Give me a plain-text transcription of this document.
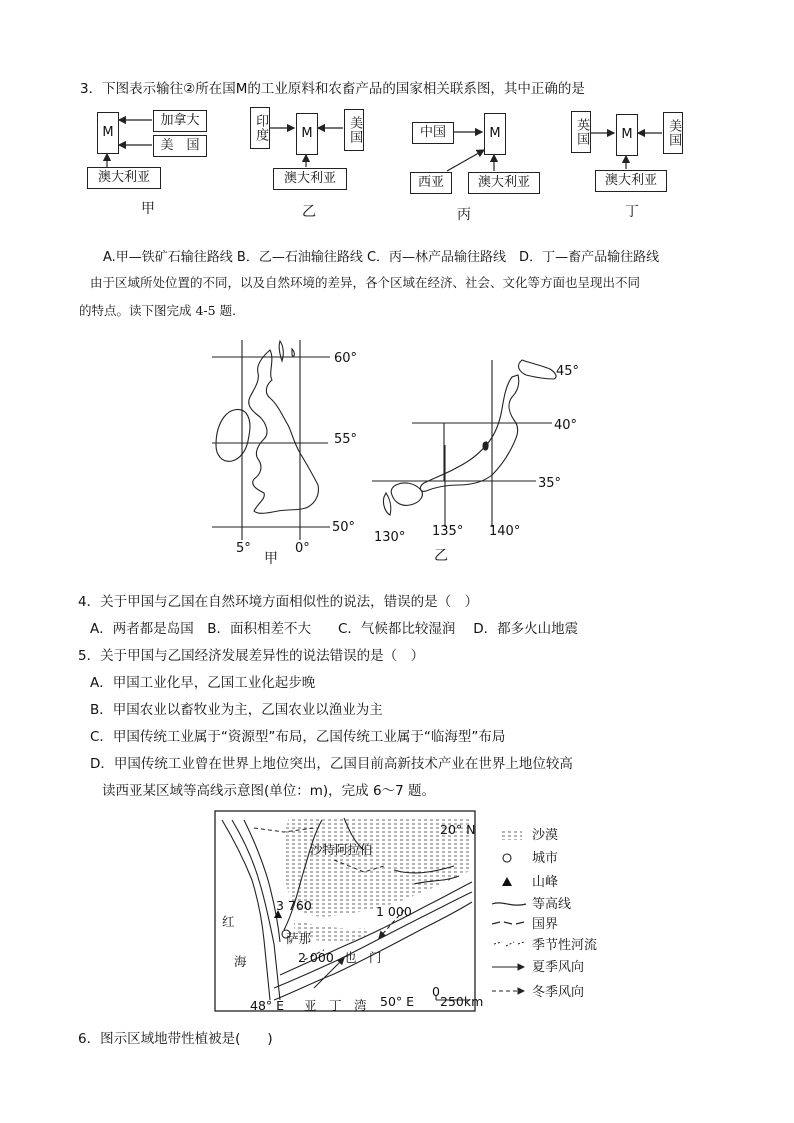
3．下图表示输往②所在国M的工业原料和农畜产品的国家相关联系图，其中正确的是
M
加拿大
美　国
澳大利亚
甲
印度	M	美国
澳大利亚
乙
中国	M
西亚	澳大利亚
丙
英国	M	美国
澳大利亚
丁
A.甲—铁矿石输往路线 B．乙—石油输往路线 C．丙—林产品输往路线　D．丁—畜产品输往路线
由于区域所处位置的不同，以及自然环境的差异，各个区域在经济、社会、文化等方面也呈现出不同
的特点。读下图完成 4-5 题.
60°
55°
50°
5°	0°
甲
45°
40°
35°
130° 135° 140°
乙
4．关于甲国与乙国在自然环境方面相似性的说法，错误的是（　）
A．两者都是岛国　B．面积相差不大　　C．气候都比较湿润　 D．都多火山地震
5．关于甲国与乙国经济发展差异性的说法错误的是（　）
A．甲国工业化早，乙国工业化起步晚
B．甲国农业以畜牧业为主，乙国农业以渔业为主
C．甲国传统工业属于“资源型”布局，乙国传统工业属于“临海型”布局
D．甲国传统工业曾在世界上地位突出，乙国目前高新技术产业在世界上地位较高
读西亚某区域等高线示意图(单位：m)，完成 6～7 题。
沙特阿拉伯
20° N
3 760
萨那
2 000
1 000
也　门
红
海
48° E 亚　丁　湾 50° E
0
250km
沙漠
城市
山峰
等高线
国界
季节性河流
夏季风向
冬季风向
6．图示区域地带性植被是(　　)
